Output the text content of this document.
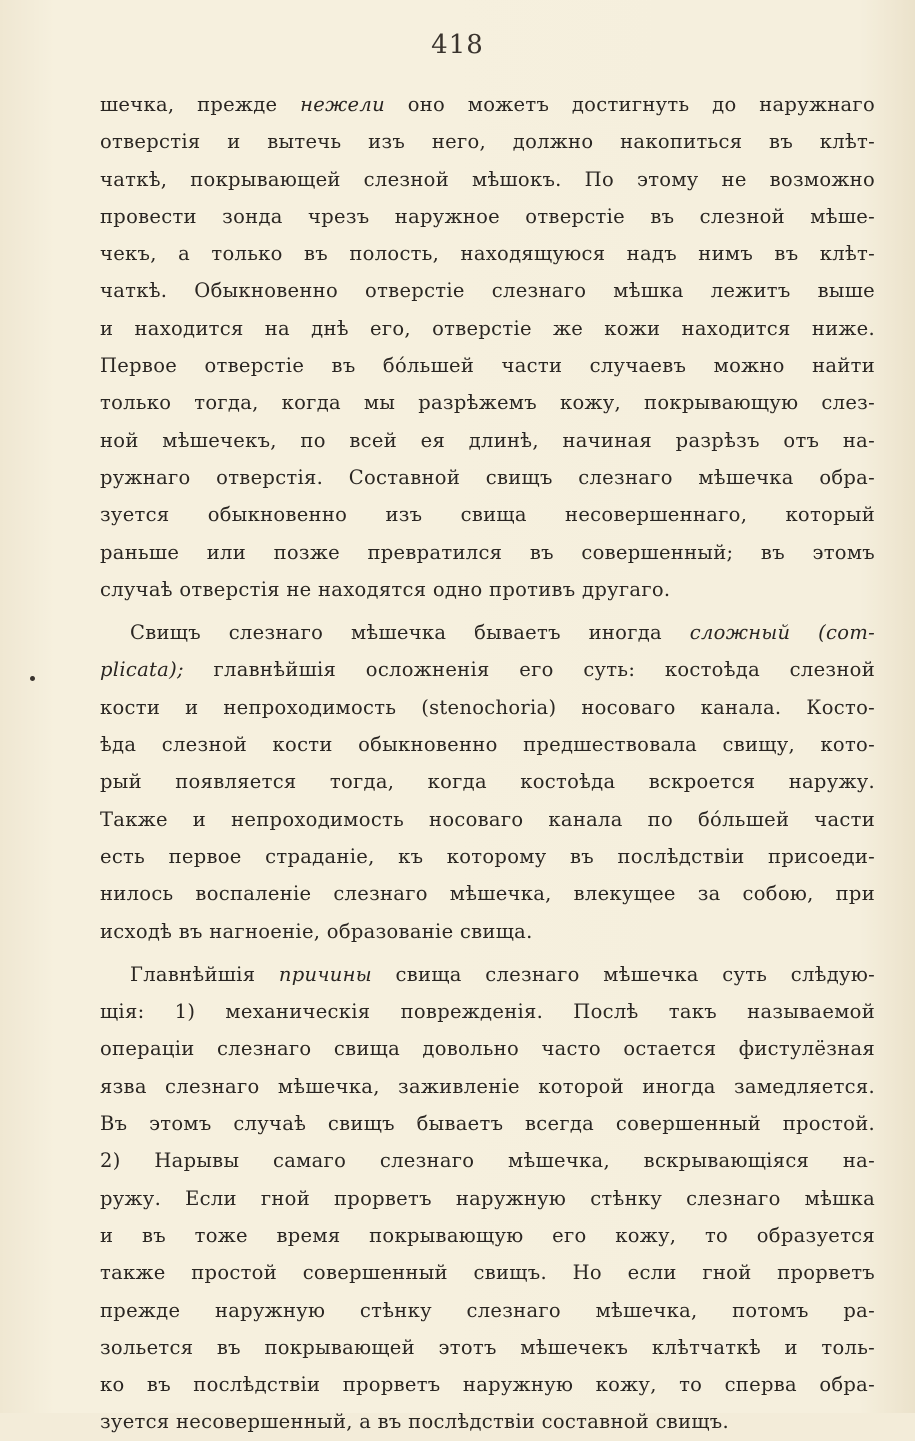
418
шечка, прежде нежели оно можетъ достигнуть до наружнаго
отверстія и вытечь изъ него, должно накопиться въ клѣт-
чаткѣ, покрывающей слезной мѣшокъ. По этому не возможно
провести зонда чрезъ наружное отверстіе въ слезной мѣше-
чекъ, а только въ полость, находящуюся надъ нимъ въ клѣт-
чаткѣ. Обыкновенно отверстіе слезнаго мѣшка лежитъ выше
и находится на днѣ его, отверстіе же кожи находится ниже.
Первое отверстіе въ бо́льшей части случаевъ можно найти
только тогда, когда мы разрѣжемъ кожу, покрывающую слез-
ной мѣшечекъ, по всей ея длинѣ, начиная разрѣзъ отъ на-
ружнаго отверстія. Составной свищъ слезнаго мѣшечка обра-
зуется обыкновенно изъ свища несовершеннаго, который
раньше или позже превратился въ совершенный; въ этомъ
случаѣ отверстія не находятся одно противъ другаго.
Свищъ слезнаго мѣшечка бываетъ иногда сложный (com-
plicata); главнѣйшія осложненія его суть: костоѣда слезной
кости и непроходимость (stenochoria) носоваго канала. Косто-
ѣда слезной кости обыкновенно предшествовала свищу, кото-
рый появляется тогда, когда костоѣда вскроется наружу.
Также и непроходимость носоваго канала по бо́льшей части
есть первое страданіе, къ которому въ послѣдствіи присоеди-
нилось воспаленіе слезнаго мѣшечка, влекущее за собою, при
исходѣ въ нагноеніе, образованіе свища.
Главнѣйшія причины свища слезнаго мѣшечка суть слѣдую-
щія: 1) механическія поврежденія. Послѣ такъ называемой
операціи слезнаго свища довольно часто остается фистулёзная
язва слезнаго мѣшечка, заживленіе которой иногда замедляется.
Въ этомъ случаѣ свищъ бываетъ всегда совершенный простой.
2) Нарывы самаго слезнаго мѣшечка, вскрывающіяся на-
ружу. Если гной прорветъ наружную стѣнку слезнаго мѣшка
и въ тоже время покрывающую его кожу, то образуется
также простой совершенный свищъ. Но если гной прорветъ
прежде наружную стѣнку слезнаго мѣшечка, потомъ ра-
зольется въ покрывающей этотъ мѣшечекъ клѣтчаткѣ и толь-
ко въ послѣдствіи прорветъ наружную кожу, то сперва обра-
зуется несовершенный, а въ послѣдствіи составной свищъ.
